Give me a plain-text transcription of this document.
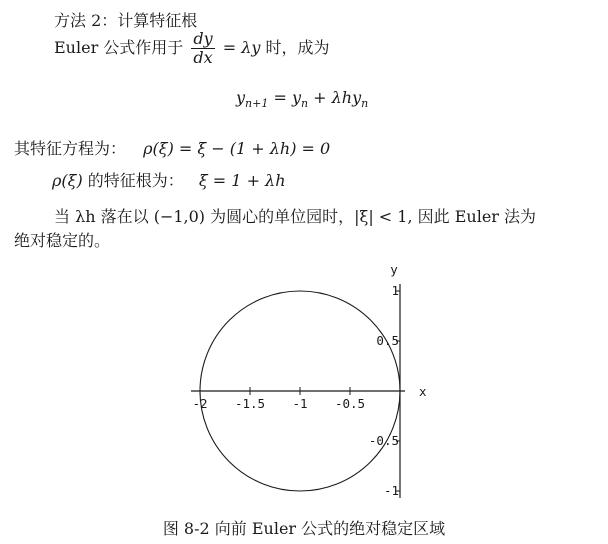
方法 2：计算特征根
Euler 公式作用于 $\frac{dy}{dx} = \lambda y$ 时，成为
$y_{n+1} = y_n + \lambda hy_n$
其特征方程为： ρ(ξ) = ξ − (1 + λh) = 0
ρ(ξ) 的特征根为： ξ = 1 + λh
当 λh 落在以 (−1,0) 为圆心的单位园时，|ξ| < 1, 因此 Euler 法为
绝对稳定的。
-2 -1.5 -1 -0.5
1
0.5
-0.5
-1
x
y
图 8-2 向前 Euler 公式的绝对稳定区域
